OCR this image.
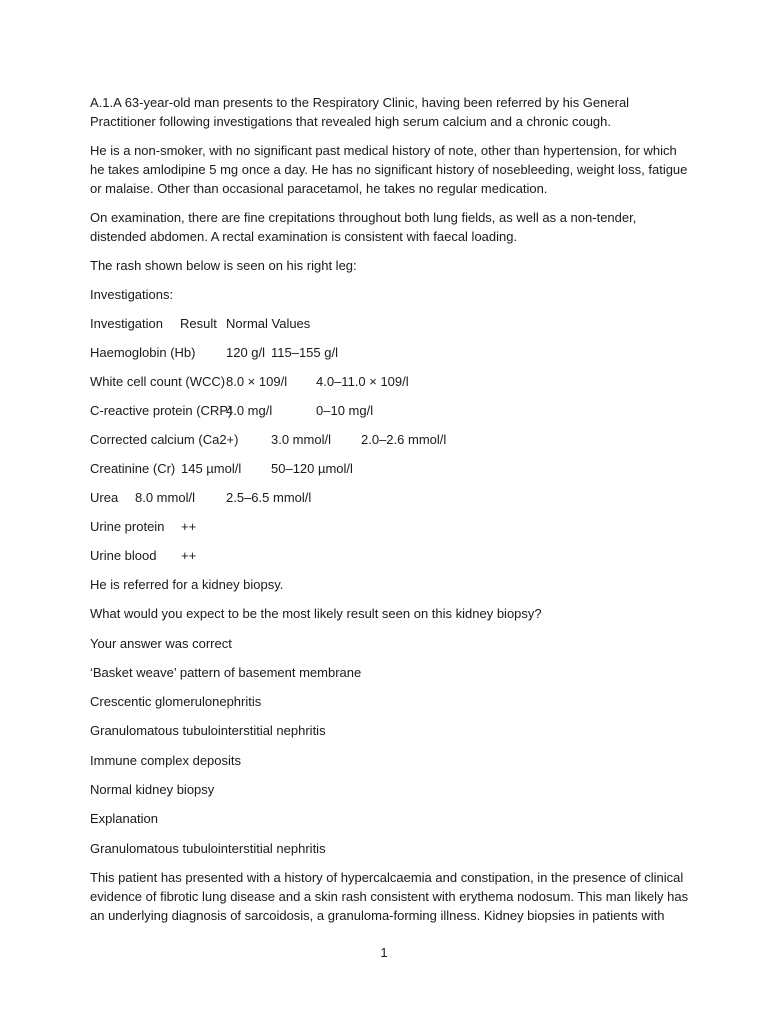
A.1.A 63-year-old man presents to the Respiratory Clinic, having been referred by his General Practitioner following investigations that revealed high serum calcium and a chronic cough.

He is a non-smoker, with no significant past medical history of note, other than hypertension, for which he takes amlodipine 5 mg once a day. He has no significant history of nosebleeding, weight loss, fatigue or malaise. Other than occasional paracetamol, he takes no regular medication.

On examination, there are fine crepitations throughout both lung fields, as well as a non-tender, distended abdomen. A rectal examination is consistent with faecal loading.

The rash shown below is seen on his right leg:

Investigations:

Investigation Result Normal Values
Haemoglobin (Hb) 120 g/l 115–155 g/l
White cell count (WCC) 8.0 × 109/l 4.0–11.0 × 109/l
C-reactive protein (CRP)
4.0 mg/l	0–10 mg/l
Corrected calcium (Ca2+)	3.0 mmol/l 2.0–2.6 mmol/l
Creatinine (Cr) 145 µmol/l 50–120 µmol/l
Urea 8.0 mmol/l 2.5–6.5 mmol/l
Urine protein ++
Urine blood ++
He is referred for a kidney biopsy.
What would you expect to be the most likely result seen on this kidney biopsy?
Your answer was correct
‘Basket weave’ pattern of basement membrane
Crescentic glomerulonephritis
Granulomatous tubulointerstitial nephritis
Immune complex deposits
Normal kidney biopsy
Explanation
Granulomatous tubulointerstitial nephritis

This patient has presented with a history of hypercalcaemia and constipation, in the presence of clinical evidence of fibrotic lung disease and a skin rash consistent with erythema nodosum. This man likely has an underlying diagnosis of sarcoidosis, a granuloma-forming illness. Kidney biopsies in patients with

1
